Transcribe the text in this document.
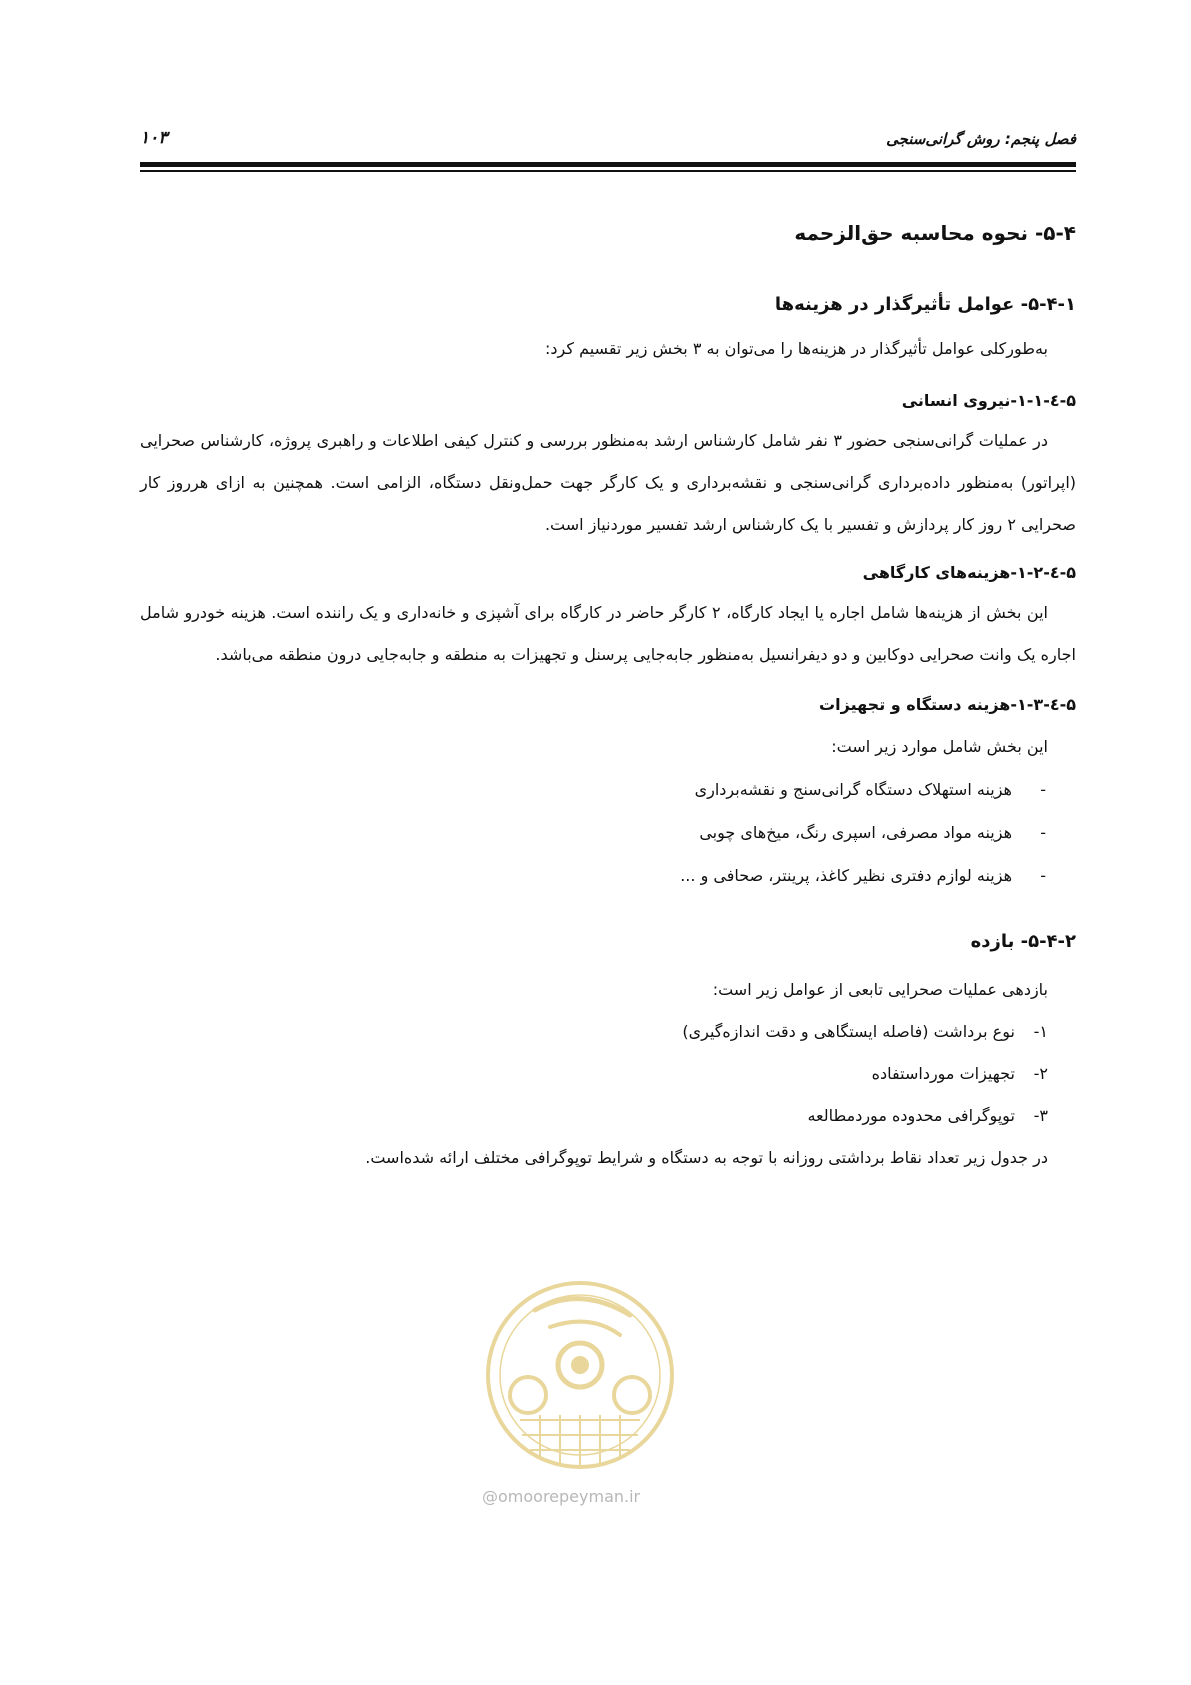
فصل پنجم: روش گرانی‌سنجی
۱۰۳
۵-۴- نحوه محاسبه حق‌الزحمه
۵-۴-۱- عوامل تأثیرگذار در هزینه‌ها

به‌طورکلی عوامل تأثیرگذار در هزینه‌ها را می‌توان به ۳ بخش زیر تقسیم کرد:

۵-٤-۱-۱-نیروی انسانی

در عملیات گرانی‌سنجی حضور ۳ نفر شامل کارشناس ارشد به‌منظور بررسی و کنترل کیفی اطلاعات و راهبری پروژه، کارشناس صحرایی (اپراتور) به‌منظور داده‌برداری گرانی‌سنجی و نقشه‌برداری و یک کارگر جهت حمل‌ونقل دستگاه، الزامی است. همچنین به ازای هرروز کار صحرایی ۲ روز کار پردازش و تفسیر با یک کارشناس ارشد تفسیر موردنیاز است.

۵-٤-۱-۲-هزینه‌های کارگاهی

این بخش از هزینه‌ها شامل اجاره یا ایجاد کارگاه، ۲ کارگر حاضر در کارگاه برای آشپزی و خانه‌داری و یک راننده است. هزینه خودرو شامل اجاره یک وانت صحرایی دوکابین و دو دیفرانسیل به‌منظور جابه‌جایی پرسنل و تجهیزات به منطقه و جابه‌جایی درون منطقه می‌باشد.

۵-٤-۱-۳-هزینه دستگاه و تجهیزات

این بخش شامل موارد زیر است:

-هزینه استهلاک دستگاه گرانی‌سنج و نقشه‌برداری
-هزینه مواد مصرفی، اسپری رنگ، میخ‌های چوبی
-هزینه لوازم دفتری نظیر کاغذ، پرینتر، صحافی و ...
۵-۴-۲- بازده

بازدهی عملیات صحرایی تابعی از عوامل زیر است:

۱- نوع برداشت (فاصله ایستگاهی و دقت اندازه‌گیری)
۲- تجهیزات مورداستفاده
۳- توپوگرافی محدوده موردمطالعه

در جدول زیر تعداد نقاط برداشتی روزانه با توجه به دستگاه و شرایط توپوگرافی مختلف ارائه شده‌است.

@omoorepeyman.ir
